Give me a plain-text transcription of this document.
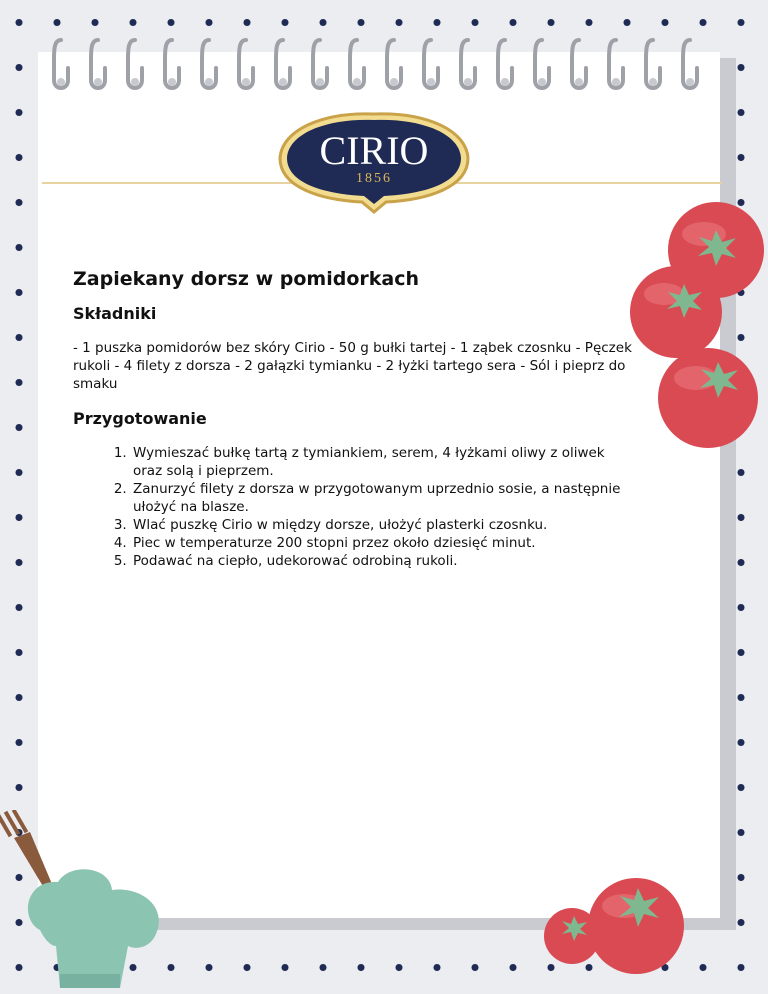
CIRIO
1856
Zapiekany dorsz w pomidorkach
Składniki

- 1 puszka pomidorów bez skóry Cirio - 50 g bułki tartej - 1 ząbek czosnku - Pęczek rukoli - 4 filety z dorsza - 2 gałązki tymianku - 2 łyżki tartego sera - Sól i pieprz do smaku

Przygotowanie
1. Wymieszać bułkę tartą z tymiankiem, serem, 4 łyżkami oliwy z oliwek oraz solą i pieprzem.
2. Zanurzyć filety z dorsza w przygotowanym uprzednio sosie, a następnie ułożyć na blasze.
3. Wlać puszkę Cirio w między dorsze, ułożyć plasterki czosnku.
4. Piec w temperaturze 200 stopni przez około dziesięć minut.
5. Podawać na ciepło, udekorować odrobiną rukoli.
